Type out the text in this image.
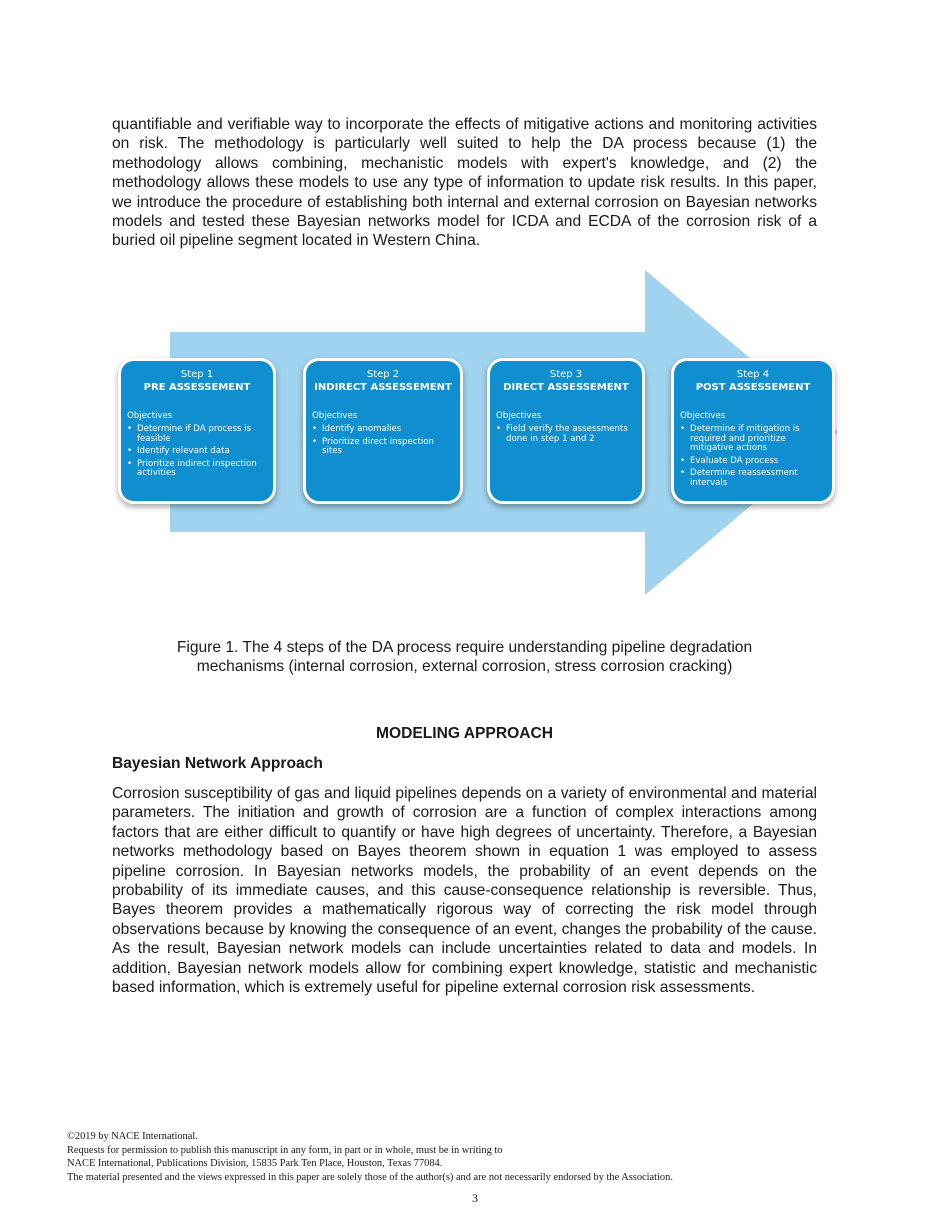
quantifiable and verifiable way to incorporate the effects of mitigative actions and monitoring activities on risk. The methodology is particularly well suited to help the DA process because (1) the methodology allows combining, mechanistic models with expert's knowledge, and (2) the methodology allows these models to use any type of information to update risk results. In this paper, we introduce the procedure of establishing both internal and external corrosion on Bayesian networks models and tested these Bayesian networks model for ICDA and ECDA of the corrosion risk of a buried oil pipeline segment located in Western China.

Step 1
PRE ASSESSEMENT
Objectives
• Determine if DA process is feasible
• Identify relevant data
• Prioritize indirect inspection activities
Step 2
INDIRECT ASSESSEMENT
Objectives
• Identify anomalies
• Prioritize direct inspection sites
Step 3
DIRECT ASSESSEMENT
Objectives
• Field verify the assessments done in step 1 and 2
Step 4
POST ASSESSEMENT
Objectives
• Determine if mitigation is required and prioritize mitigative actions
• Evaluate DA process
• Determine reassessment intervals

Figure 1. The 4 steps of the DA process require understanding pipeline degradation
mechanisms (internal corrosion, external corrosion, stress corrosion cracking)

MODELING APPROACH
Bayesian Network Approach

Corrosion susceptibility of gas and liquid pipelines depends on a variety of environmental and material parameters. The initiation and growth of corrosion are a function of complex interactions among factors that are either difficult to quantify or have high degrees of uncertainty. Therefore, a Bayesian networks methodology based on Bayes theorem shown in equation 1 was employed to assess pipeline corrosion. In Bayesian networks models, the probability of an event depends on the probability of its immediate causes, and this cause-consequence relationship is reversible. Thus, Bayes theorem provides a mathematically rigorous way of correcting the risk model through observations because by knowing the consequence of an event, changes the probability of the cause. As the result, Bayesian network models can include uncertainties related to data and models. In addition, Bayesian network models allow for combining expert knowledge, statistic and mechanistic based information, which is extremely useful for pipeline external corrosion risk assessments.

©2019 by NACE International.
Requests for permission to publish this manuscript in any form, in part or in whole, must be in writing to
NACE International, Publications Division, 15835 Park Ten Place, Houston, Texas 77084.
The material presented and the views expressed in this paper are solely those of the author(s) and are not necessarily endorsed by the Association.
3
